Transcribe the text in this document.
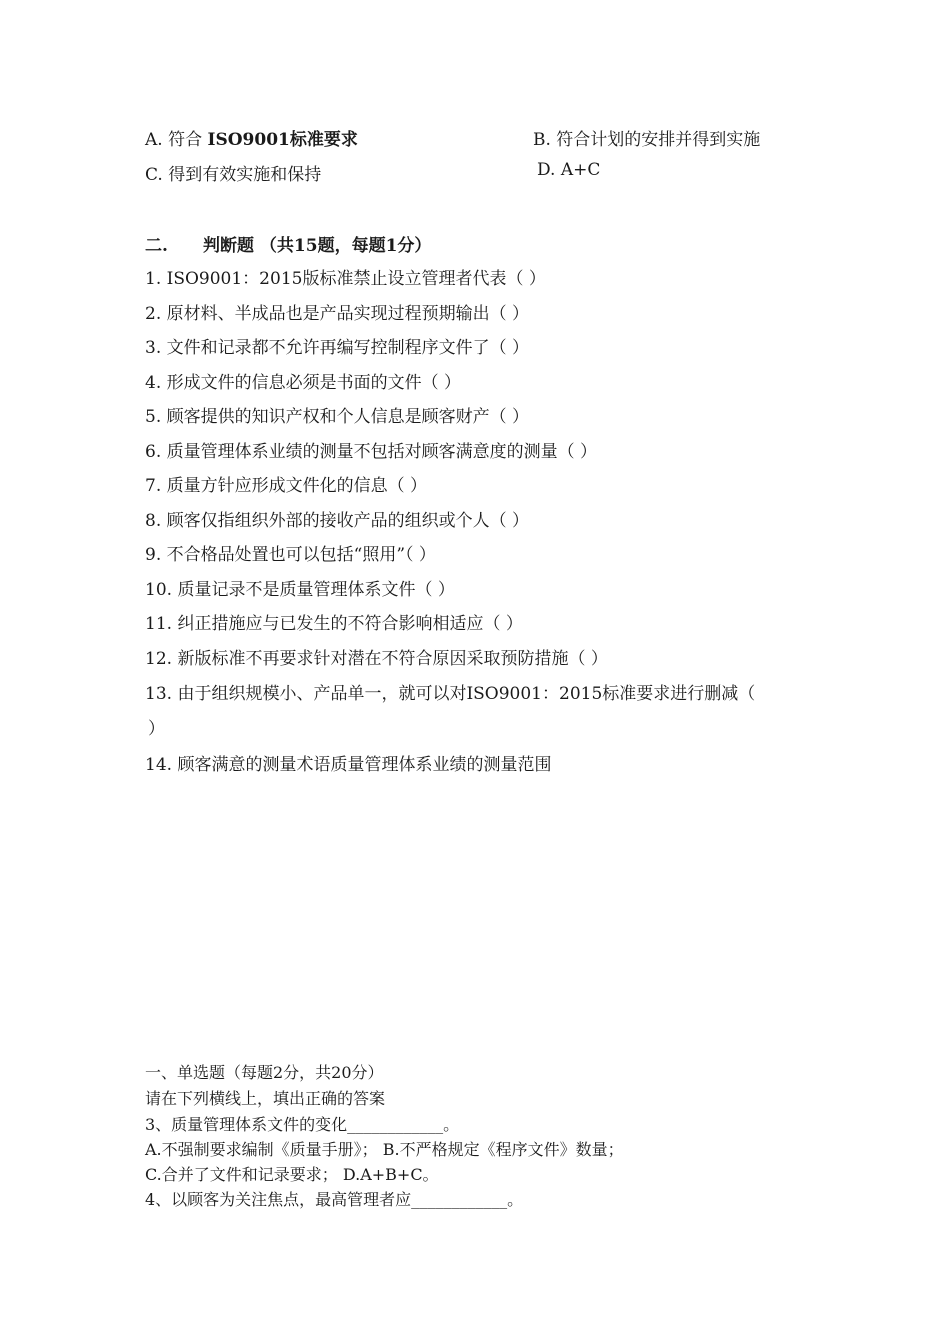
A. 符合 ISO9001标准要求	B. 符合计划的安排并得到实施
C. 得到有效实施和保持	D. A+C
二. 判断题 （共15题，每题1分）
1. ISO9001：2015版标准禁止设立管理者代表（ ）
2. 原材料、半成品也是产品实现过程预期输出（ ）
3. 文件和记录都不允许再编写控制程序文件了（ ）
4. 形成文件的信息必须是书面的文件（ ）
5. 顾客提供的知识产权和个人信息是顾客财产（ ）
6. 质量管理体系业绩的测量不包括对顾客满意度的测量（ ）
7. 质量方针应形成文件化的信息（ ）
8. 顾客仅指组织外部的接收产品的组织或个人（ ）
9. 不合格品处置也可以包括“照用”（ ）
10. 质量记录不是质量管理体系文件（ ）
11. 纠正措施应与已发生的不符合影响相适应（ ）
12. 新版标准不再要求针对潜在不符合原因采取预防措施（ ）
13. 由于组织规模小、产品单一，就可以对ISO9001：2015标准要求进行删减（
）
14. 顾客满意的测量术语质量管理体系业绩的测量范围
一、单选题（每题2分，共20分）
请在下列横线上，填出正确的答案
3、质量管理体系文件的变化____________。
A.不强制要求编制《质量手册》； B.不严格规定《程序文件》数量；
C.合并了文件和记录要求； D.A+B+C。
4、以顾客为关注焦点，最高管理者应____________。
